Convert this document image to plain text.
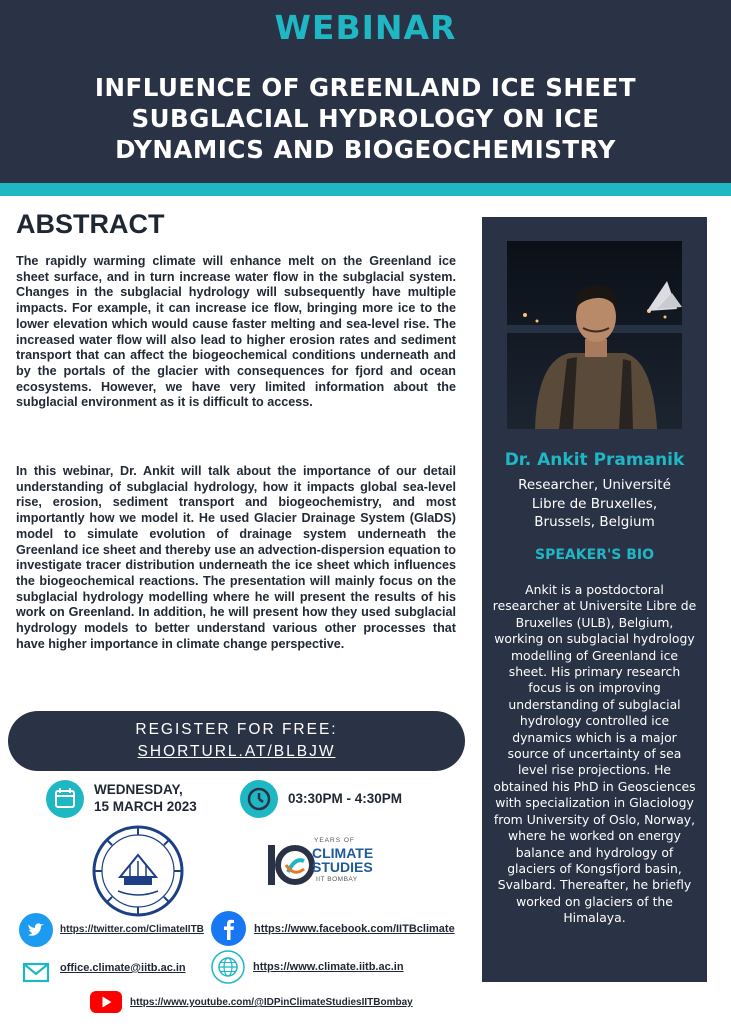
WEBINAR
INFLUENCE OF GREENLAND ICE SHEET
SUBGLACIAL HYDROLOGY ON ICE
DYNAMICS AND BIOGEOCHEMISTRY
ABSTRACT

The rapidly warming climate will enhance melt on the Greenland ice sheet surface, and in turn increase water flow in the subglacial system. Changes in the subglacial hydrology will subsequently have multiple impacts. For example, it can increase ice flow, bringing more ice to the lower elevation which would cause faster melting and sea-level rise. The increased water flow will also lead to higher erosion rates and sediment transport that can affect the biogeochemical conditions underneath and by the portals of the glacier with consequences for fjord and ocean ecosystems. However, we have very limited information about the subglacial environment as it is difficult to access.

In this webinar, Dr. Ankit will talk about the importance of our detail understanding of subglacial hydrology, how it impacts global sea-level rise, erosion, sediment transport and biogeochemistry, and most importantly how we model it. He used Glacier Drainage System (GlaDS) model to simulate evolution of drainage system underneath the Greenland ice sheet and thereby use an advection-dispersion equation to investigate tracer distribution underneath the ice sheet which influences the biogeochemical reactions. The presentation will mainly focus on the subglacial hydrology modelling where he will present the results of his work on Greenland. In addition, he will present how they used subglacial hydrology models to better understand various other processes that have higher importance in climate change perspective.

REGISTER FOR FREE:
SHORTURL.AT/BLBJW
WEDNESDAY,
15 MARCH 2023
03:30PM - 4:30PM
YEARS OF
CLIMATE
STUDIES
IIT BOMBAY
https://twitter.com/ClimateIITB	https://www.facebook.com/IITBclimate
office.climate@iitb.ac.in	https://www.climate.iitb.ac.in
https://www.youtube.com/@IDPinClimateStudiesIITBombay
Dr. Ankit Pramanik
Researcher, Université
Libre de Bruxelles,
Brussels, Belgium
SPEAKER'S BIO

Ankit is a postdoctoral researcher at Universite Libre de Bruxelles (ULB), Belgium, working on subglacial hydrology modelling of Greenland ice sheet. His primary research focus is on improving understanding of subglacial hydrology controlled ice dynamics which is a major source of uncertainty of sea level rise projections. He obtained his PhD in Geosciences with specialization in Glaciology from University of Oslo, Norway, where he worked on energy balance and hydrology of glaciers of Kongsfjord basin, Svalbard. Thereafter, he briefly worked on glaciers of the Himalaya.
